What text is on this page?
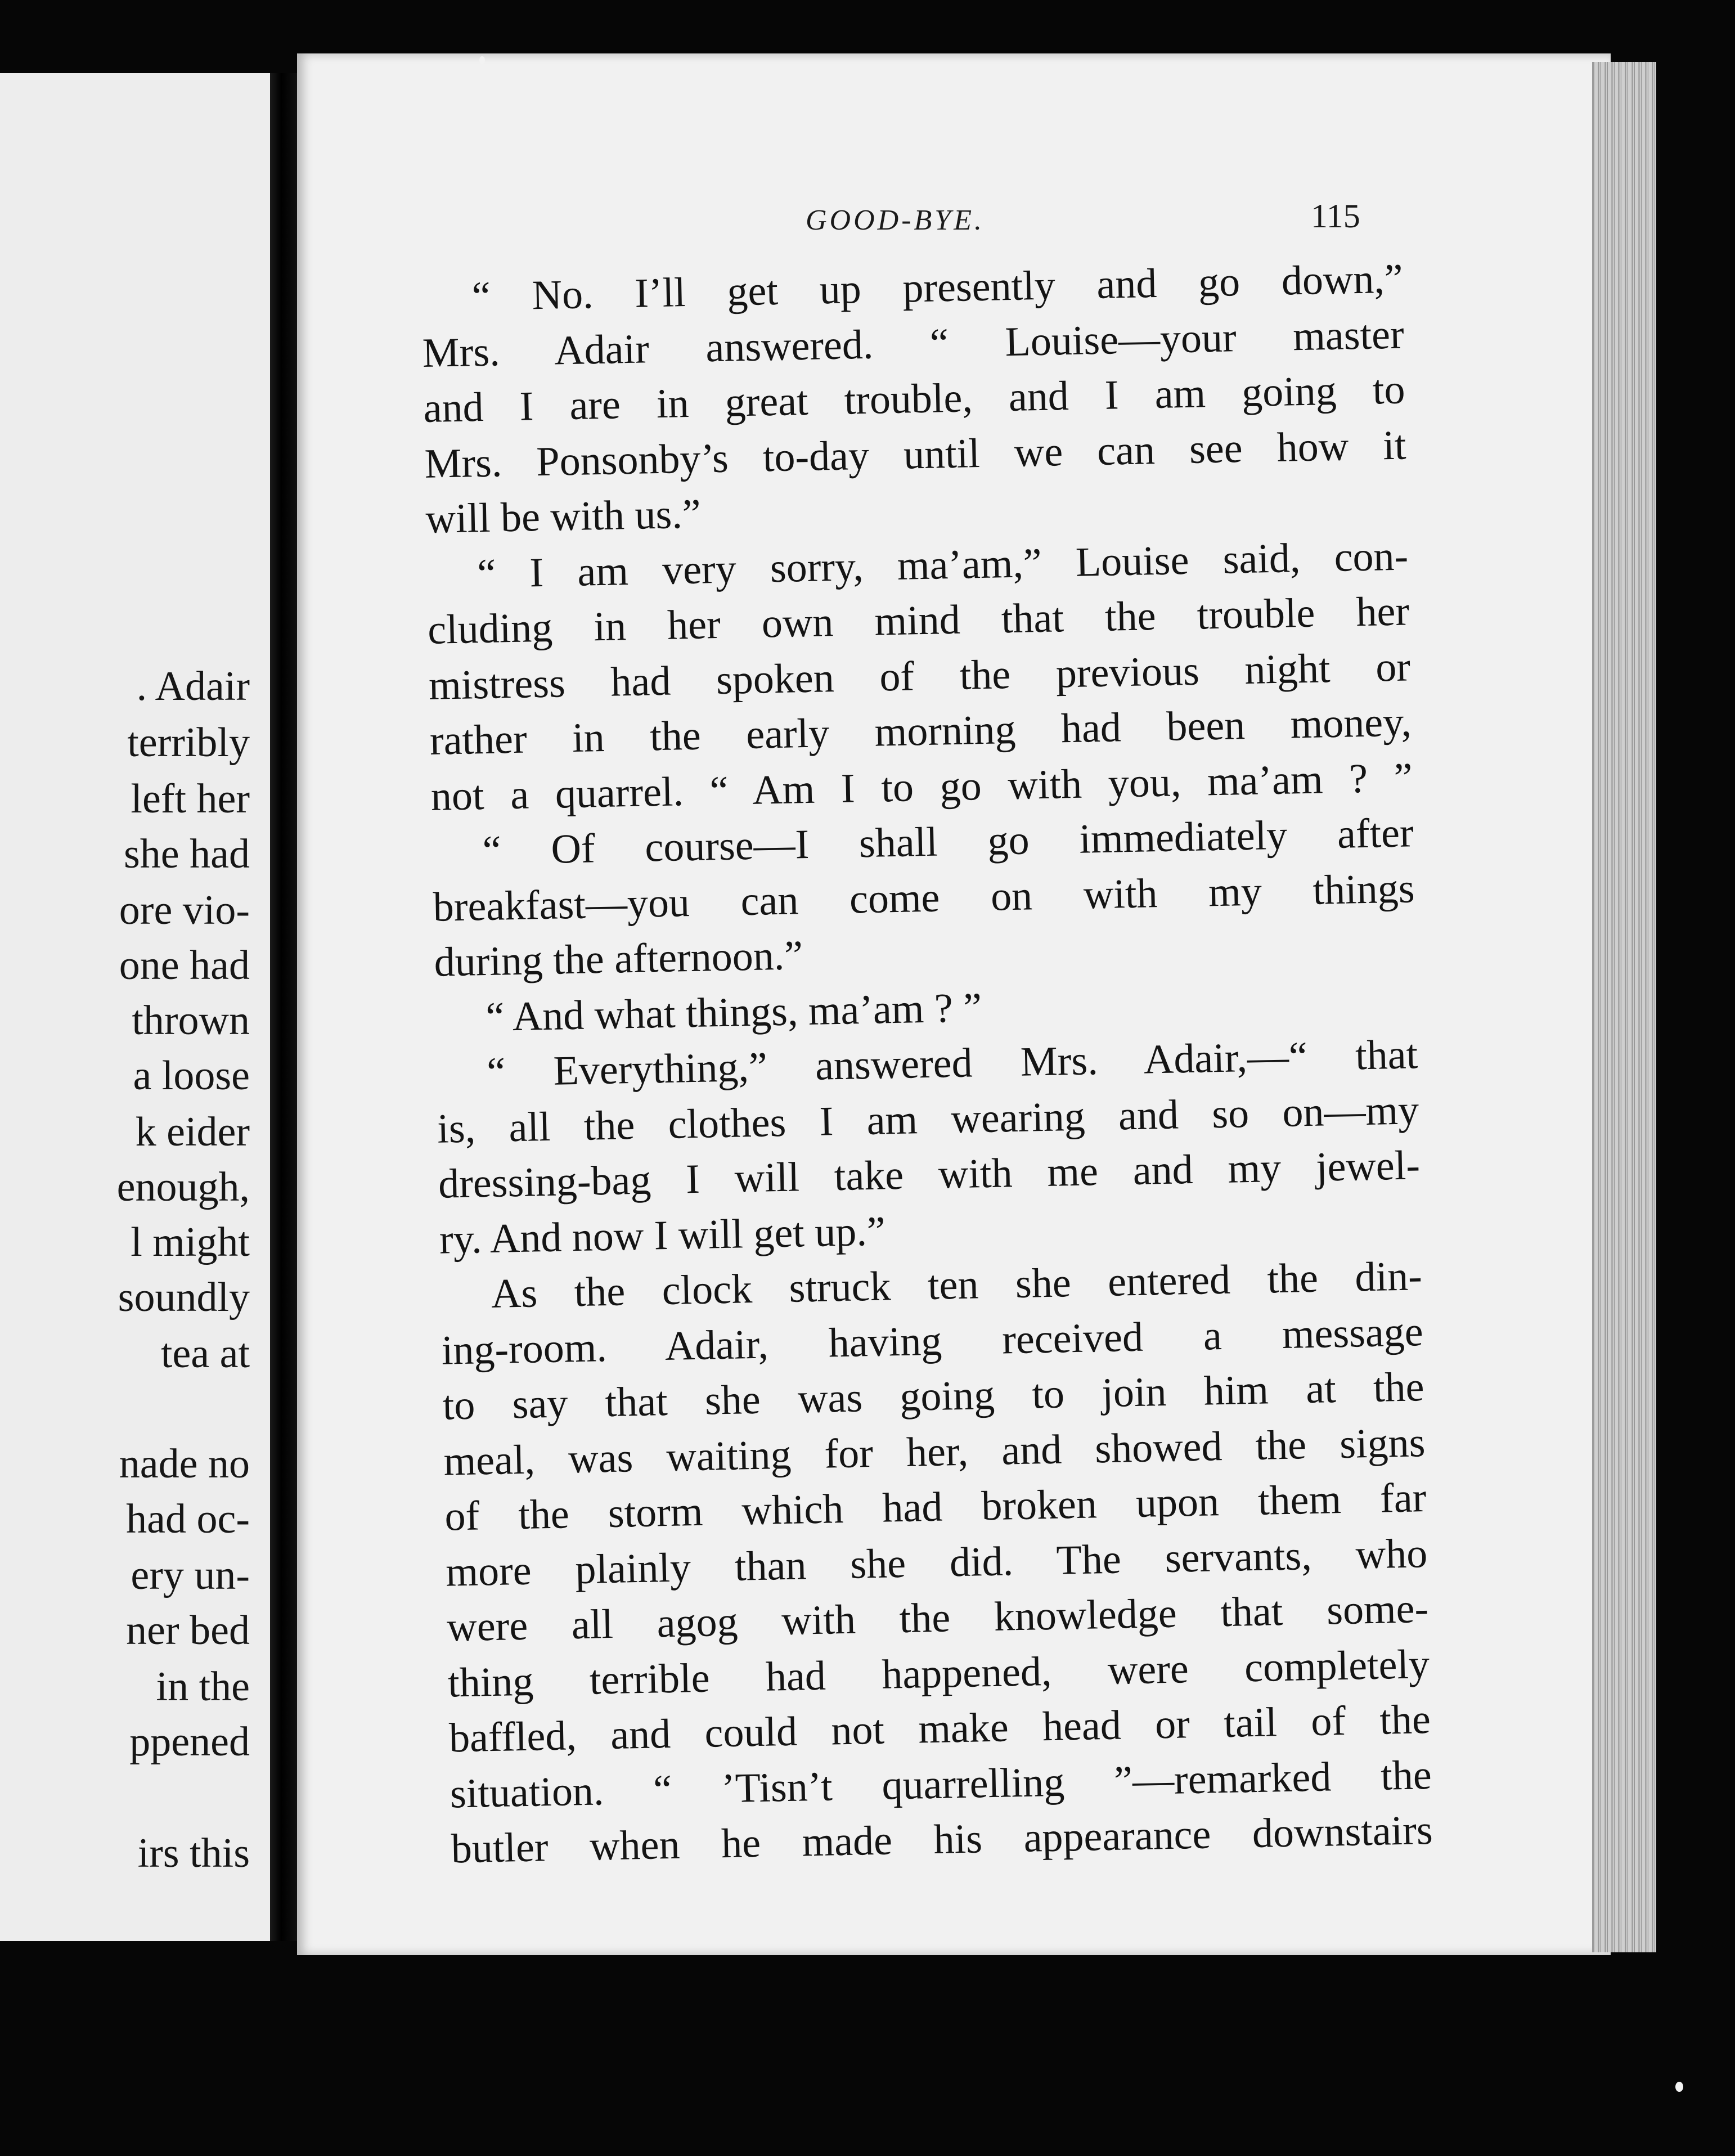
. Adair
terribly
left her
she had
ore vio-
one had
thrown
a loose
k eider
enough,
l might
soundly
tea at
nade no
had oc-
ery un-
ner bed
in the
ppened
irs this
GOOD-BYE.	115
“ No. I’ll get up presently and go down,”
Mrs. Adair answered. “ Louise—your master
and I are in great trouble, and I am going to
Mrs. Ponsonby’s to-day until we can see how it
will be with us.”
“ I am very sorry, ma’am,” Louise said, con-
cluding in her own mind that the trouble her
mistress had spoken of the previous night or
rather in the early morning had been money,
not a quarrel. “ Am I to go with you, ma’am ? ”
“ Of course—I shall go immediately after
breakfast—you can come on with my things
during the afternoon.”
“ And what things, ma’am ? ”
“ Everything,” answered Mrs. Adair,—“ that
is, all the clothes I am wearing and so on—my
dressing-bag I will take with me and my jewel-
ry. And now I will get up.”
As the clock struck ten she entered the din-
ing-room. Adair, having received a message
to say that she was going to join him at the
meal, was waiting for her, and showed the signs
of the storm which had broken upon them far
more plainly than she did. The servants, who
were all agog with the knowledge that some-
thing terrible had happened, were completely
baffled, and could not make head or tail of the
situation. “ ’Tisn’t quarrelling ”—remarked the
butler when he made his appearance downstairs
